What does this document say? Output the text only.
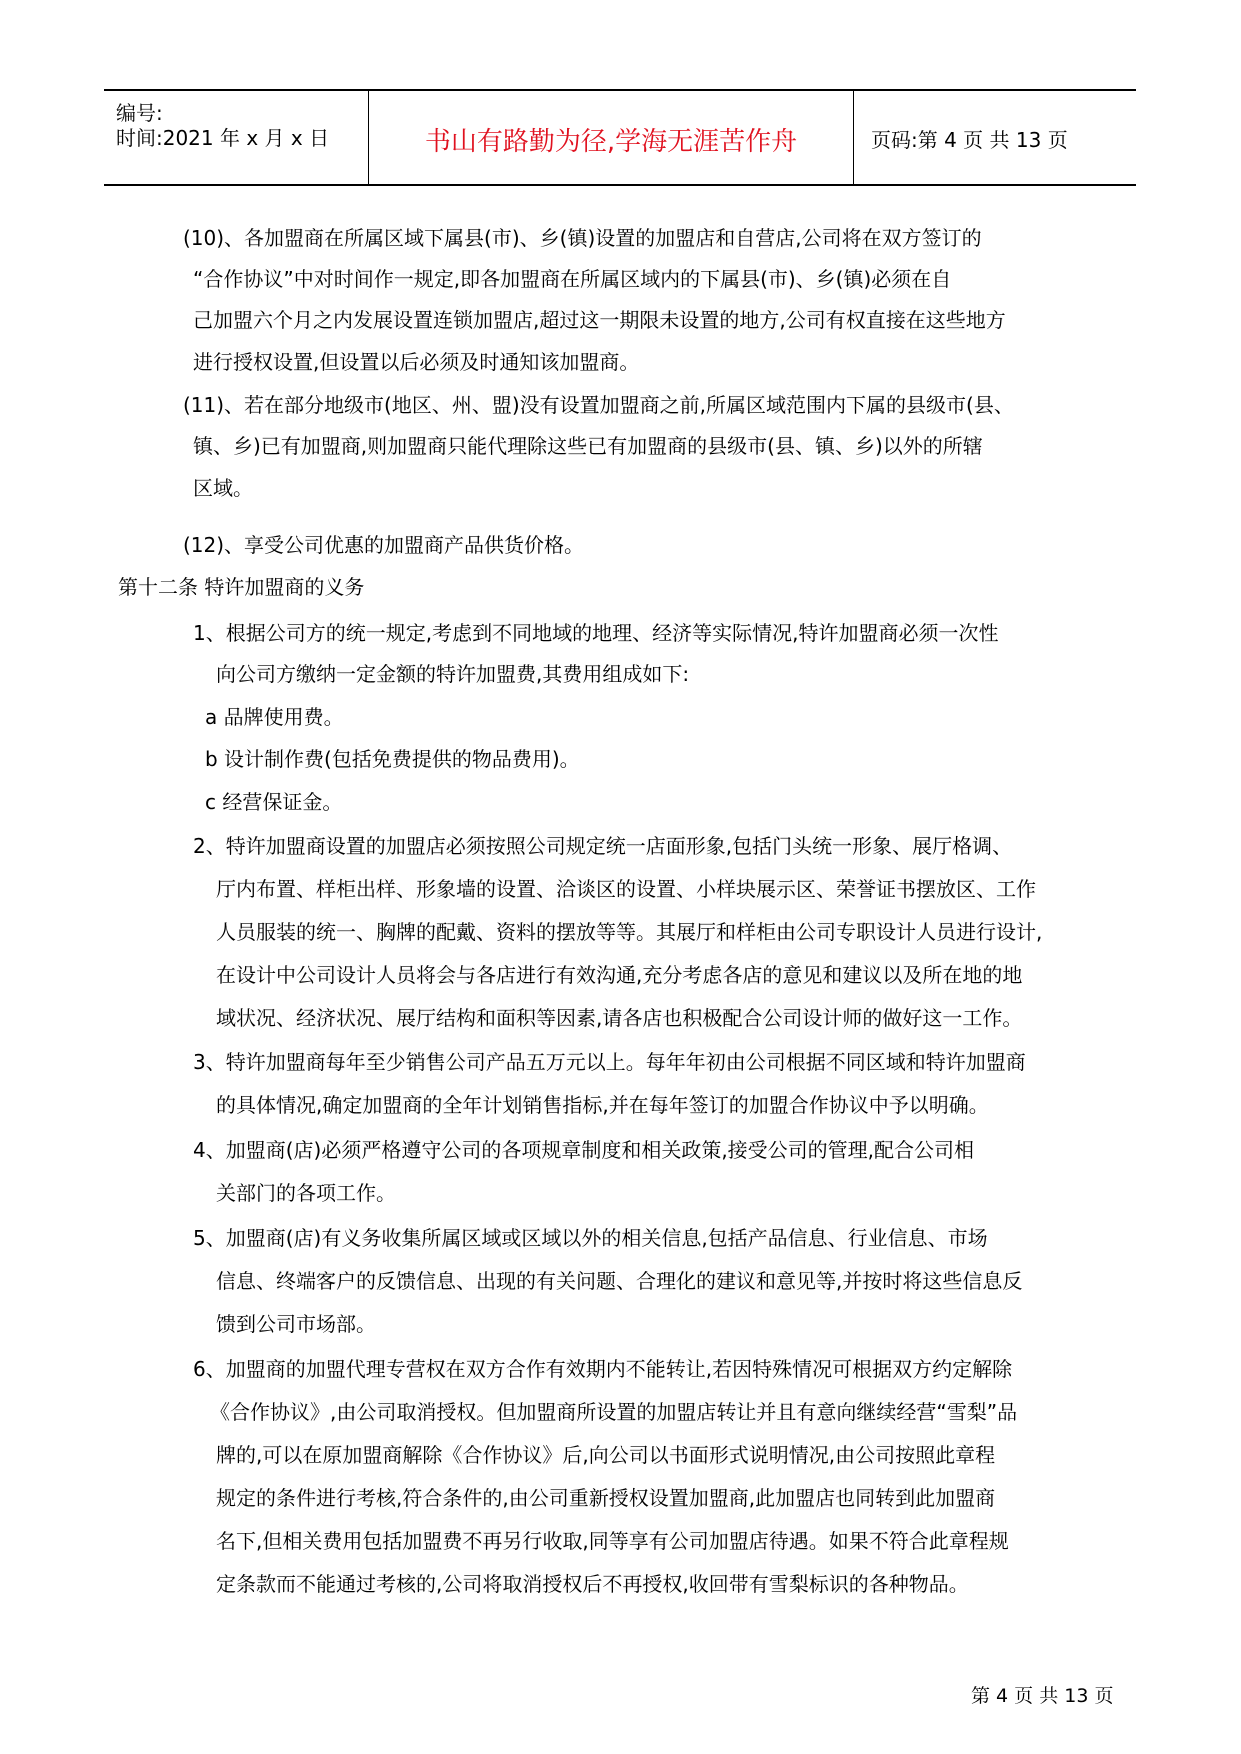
编号:
时间:2021 年 x 月 x 日	书山有路勤为径,学海无涯苦作舟	页码:第 4 页 共 13 页
(10)、各加盟商在所属区域下属县(市)、乡(镇)设置的加盟店和自营店,公司将在双方签订的
“合作协议”中对时间作一规定,即各加盟商在所属区域内的下属县(市)、乡(镇)必须在自
己加盟六个月之内发展设置连锁加盟店,超过这一期限未设置的地方,公司有权直接在这些地方
进行授权设置,但设置以后必须及时通知该加盟商。
(11)、若在部分地级市(地区、州、盟)没有设置加盟商之前,所属区域范围内下属的县级市(县、
镇、乡)已有加盟商,则加盟商只能代理除这些已有加盟商的县级市(县、镇、乡)以外的所辖
区域。
(12)、享受公司优惠的加盟商产品供货价格。
第十二条 特许加盟商的义务
1、根据公司方的统一规定,考虑到不同地域的地理、经济等实际情况,特许加盟商必须一次性
向公司方缴纳一定金额的特许加盟费,其费用组成如下:
a 品牌使用费。
b 设计制作费(包括免费提供的物品费用)。
c 经营保证金。
2、特许加盟商设置的加盟店必须按照公司规定统一店面形象,包括门头统一形象、展厅格调、
厅内布置、样柜出样、形象墙的设置、洽谈区的设置、小样块展示区、荣誉证书摆放区、工作
人员服装的统一、胸牌的配戴、资料的摆放等等。其展厅和样柜由公司专职设计人员进行设计,
在设计中公司设计人员将会与各店进行有效沟通,充分考虑各店的意见和建议以及所在地的地
域状况、经济状况、展厅结构和面积等因素,请各店也积极配合公司设计师的做好这一工作。
3、特许加盟商每年至少销售公司产品五万元以上。每年年初由公司根据不同区域和特许加盟商
的具体情况,确定加盟商的全年计划销售指标,并在每年签订的加盟合作协议中予以明确。
4、加盟商(店)必须严格遵守公司的各项规章制度和相关政策,接受公司的管理,配合公司相
关部门的各项工作。
5、加盟商(店)有义务收集所属区域或区域以外的相关信息,包括产品信息、行业信息、市场
信息、终端客户的反馈信息、出现的有关问题、合理化的建议和意见等,并按时将这些信息反
馈到公司市场部。
6、加盟商的加盟代理专营权在双方合作有效期内不能转让,若因特殊情况可根据双方约定解除
《合作协议》,由公司取消授权。但加盟商所设置的加盟店转让并且有意向继续经营“雪梨”品
牌的,可以在原加盟商解除《合作协议》后,向公司以书面形式说明情况,由公司按照此章程
规定的条件进行考核,符合条件的,由公司重新授权设置加盟商,此加盟店也同转到此加盟商
名下,但相关费用包括加盟费不再另行收取,同等享有公司加盟店待遇。如果不符合此章程规
定条款而不能通过考核的,公司将取消授权后不再授权,收回带有雪梨标识的各种物品。
第 4 页 共 13 页
